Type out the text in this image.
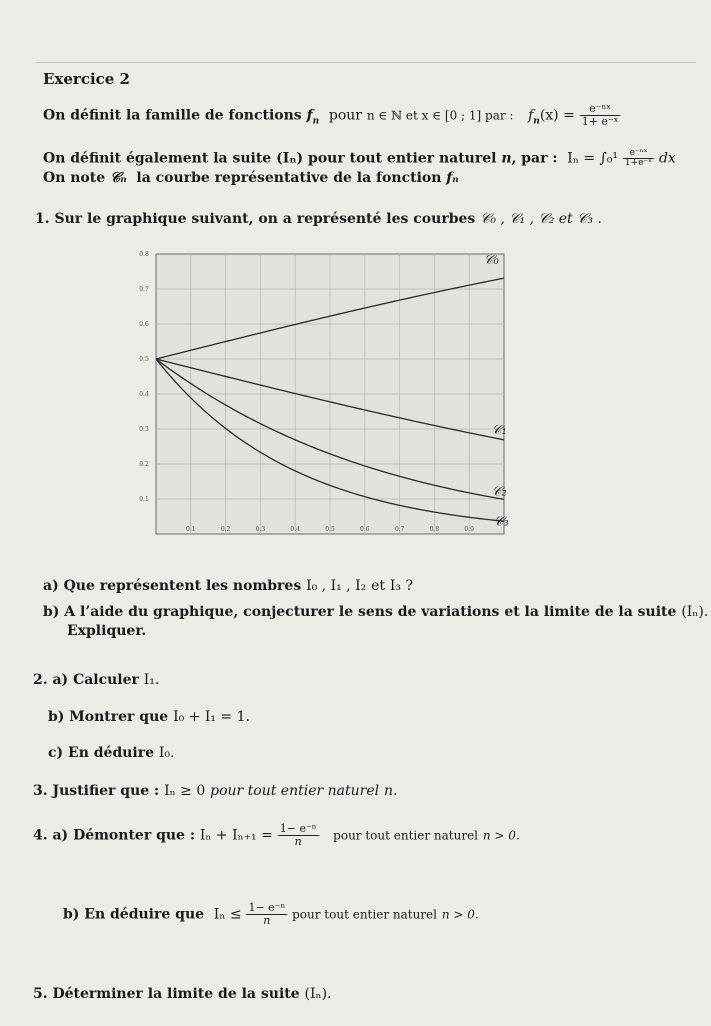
Exercice 2
On définit la famille de fonctions $f_n$ pour n ∈ ℕ et x ∈ [0 ; 1] par : $f_n(x) = \frac{\text{e⁻ⁿˣ}}{\text{1+ e⁻ˣ}}$
On définit également la suite (Iₙ) pour tout entier naturel n, par : $I_n = \int_0^1 \frac{\text{e⁻ⁿˣ}}{\text{1+e⁻ˣ}}$ dx
On note 𝒞ₙ la courbe représentative de la fonction fₙ
1. Sur le graphique suivant, on a représenté les courbes 𝒞₀ , 𝒞₁ , 𝒞₂ et 𝒞₃ .
0.1	0.2	0.3	0.4	0.5	0.6	0.7	0.8	0.9
0.8
0.7
0.6
0.5
0.4
0.3
0.2
0.1
𝒞₀
𝒞₁
𝒞₂
𝒞₃
a) Que représentent les nombres I₀ , I₁ , I₂ et I₃ ?
b) A l’aide du graphique, conjecturer le sens de variations et la limite de la suite (Iₙ).
Expliquer.
2. a) Calculer I₁.
b) Montrer que I₀ + I₁ = 1.
c) En déduire I₀.
3. Justifier que : Iₙ ≥ 0 pour tout entier naturel n.
4. a) Démonter que : $I_n + I_{n+1} = \frac{\text{1− e⁻ⁿ}}{n}$ pour tout entier naturel n > 0.
b) En déduire que $I_n \le \frac{\text{1− e⁻ⁿ}}{n}$ pour tout entier naturel n > 0.
5. Déterminer la limite de la suite (Iₙ).
